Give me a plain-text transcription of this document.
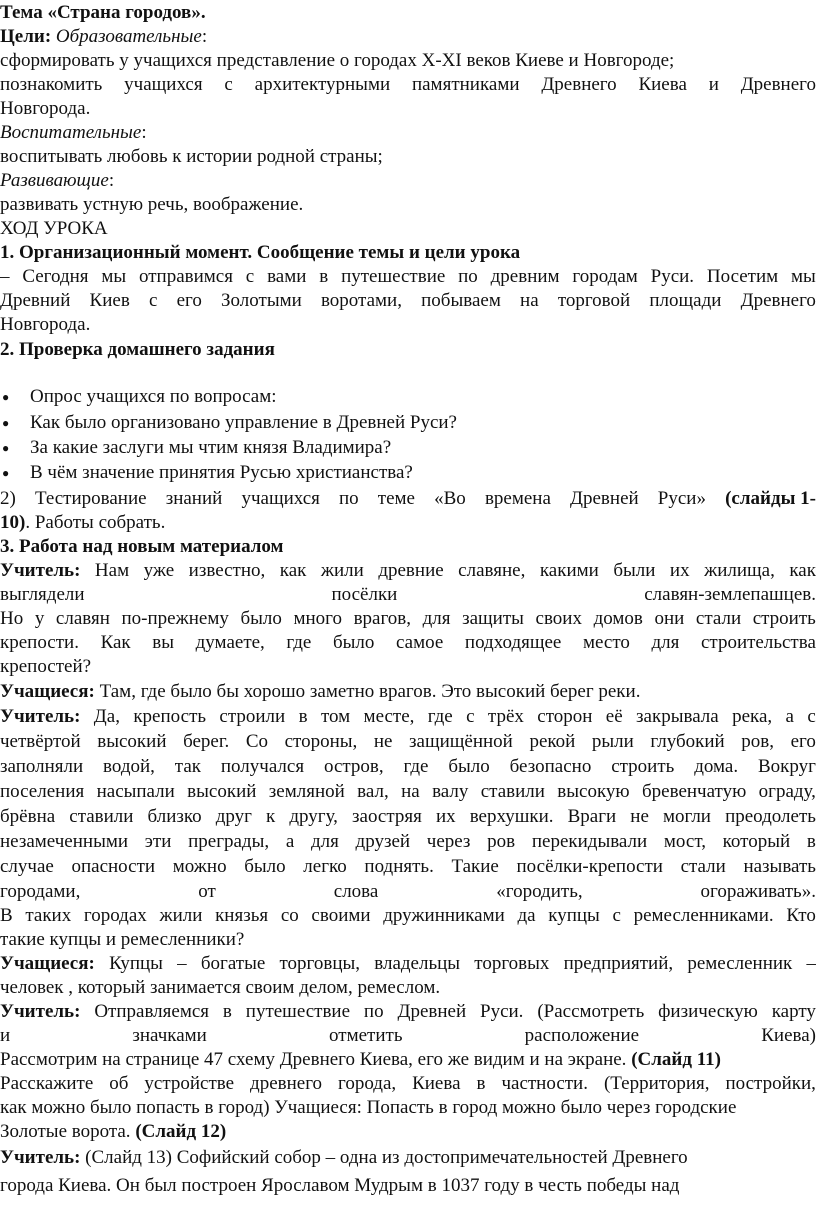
Тема «Страна городов».
Цели: Образовательные:
сформировать у учащихся представление о городах X-XI веков Киеве и Новгороде;
познакомить учащихся с архитектурными памятниками Древнего Киева и Древнего
Новгорода.
Воспитательные:
воспитывать любовь к истории родной страны;
Развивающие:
развивать устную речь, воображение.
ХОД УРОКА
1. Организационный момент. Сообщение темы и цели урока
– Сегодня мы отправимся с вами в путешествие по древним городам Руси. Посетим мы
Древний Киев с его Золотыми воротами, побываем на торговой площади Древнего
Новгорода.
2. Проверка домашнего задания
● Опрос учащихся по вопросам:
● Как было организовано управление в Древней Руси?
● За какие заслуги мы чтим князя Владимира?
● В чём значение принятия Русью христианства?
2) Тестирование знаний учащихся по теме «Во времена Древней Руси» (слайды 1-
10). Работы собрать.
3. Работа над новым материалом
Учитель: Нам уже известно, как жили древние славяне, какими были их жилища, как
выглядели	посёлки	славян-землепашцев.
Но у славян по-прежнему было много врагов, для защиты своих домов они стали строить
крепости. Как вы думаете, где было самое подходящее место для строительства
крепостей?
Учащиеся: Там, где было бы хорошо заметно врагов. Это высокий берег реки.
Учитель: Да, крепость строили в том месте, где с трёх сторон её закрывала река, а с
четвёртой высокий берег. Со стороны, не защищённой рекой рыли глубокий ров, его
заполняли водой, так получался остров, где было безопасно строить дома. Вокруг
поселения насыпали высокий земляной вал, на валу ставили высокую бревенчатую ограду,
брёвна ставили близко друг к другу, заостряя их верхушки. Враги не могли преодолеть
незамеченными эти преграды, а для друзей через ров перекидывали мост, который в
случае опасности можно было легко поднять. Такие посёлки-крепости стали называть
городами,	от	слова	«городить,	огораживать».
В таких городах жили князья со своими дружинниками да купцы с ремесленниками. Кто
такие купцы и ремесленники?
Учащиеся: Купцы – богатые торговцы, владельцы торговых предприятий, ремесленник –
человек , который занимается своим делом, ремеслом.
Учитель: Отправляемся в путешествие по Древней Руси. (Рассмотреть физическую карту
и	значками	отметить	расположение	Киева)
Рассмотрим на странице 47 схему Древнего Киева, его же видим и на экране. (Слайд 11)
Расскажите об устройстве древнего города, Киева в частности. (Территория, постройки,
как можно было попасть в город) Учащиеся: Попасть в город можно было через городские
Золотые ворота. (Слайд 12)
Учитель: (Слайд 13) Софийский собор – одна из достопримечательностей Древнего
города Киева. Он был построен Ярославом Мудрым в 1037 году в честь победы над
